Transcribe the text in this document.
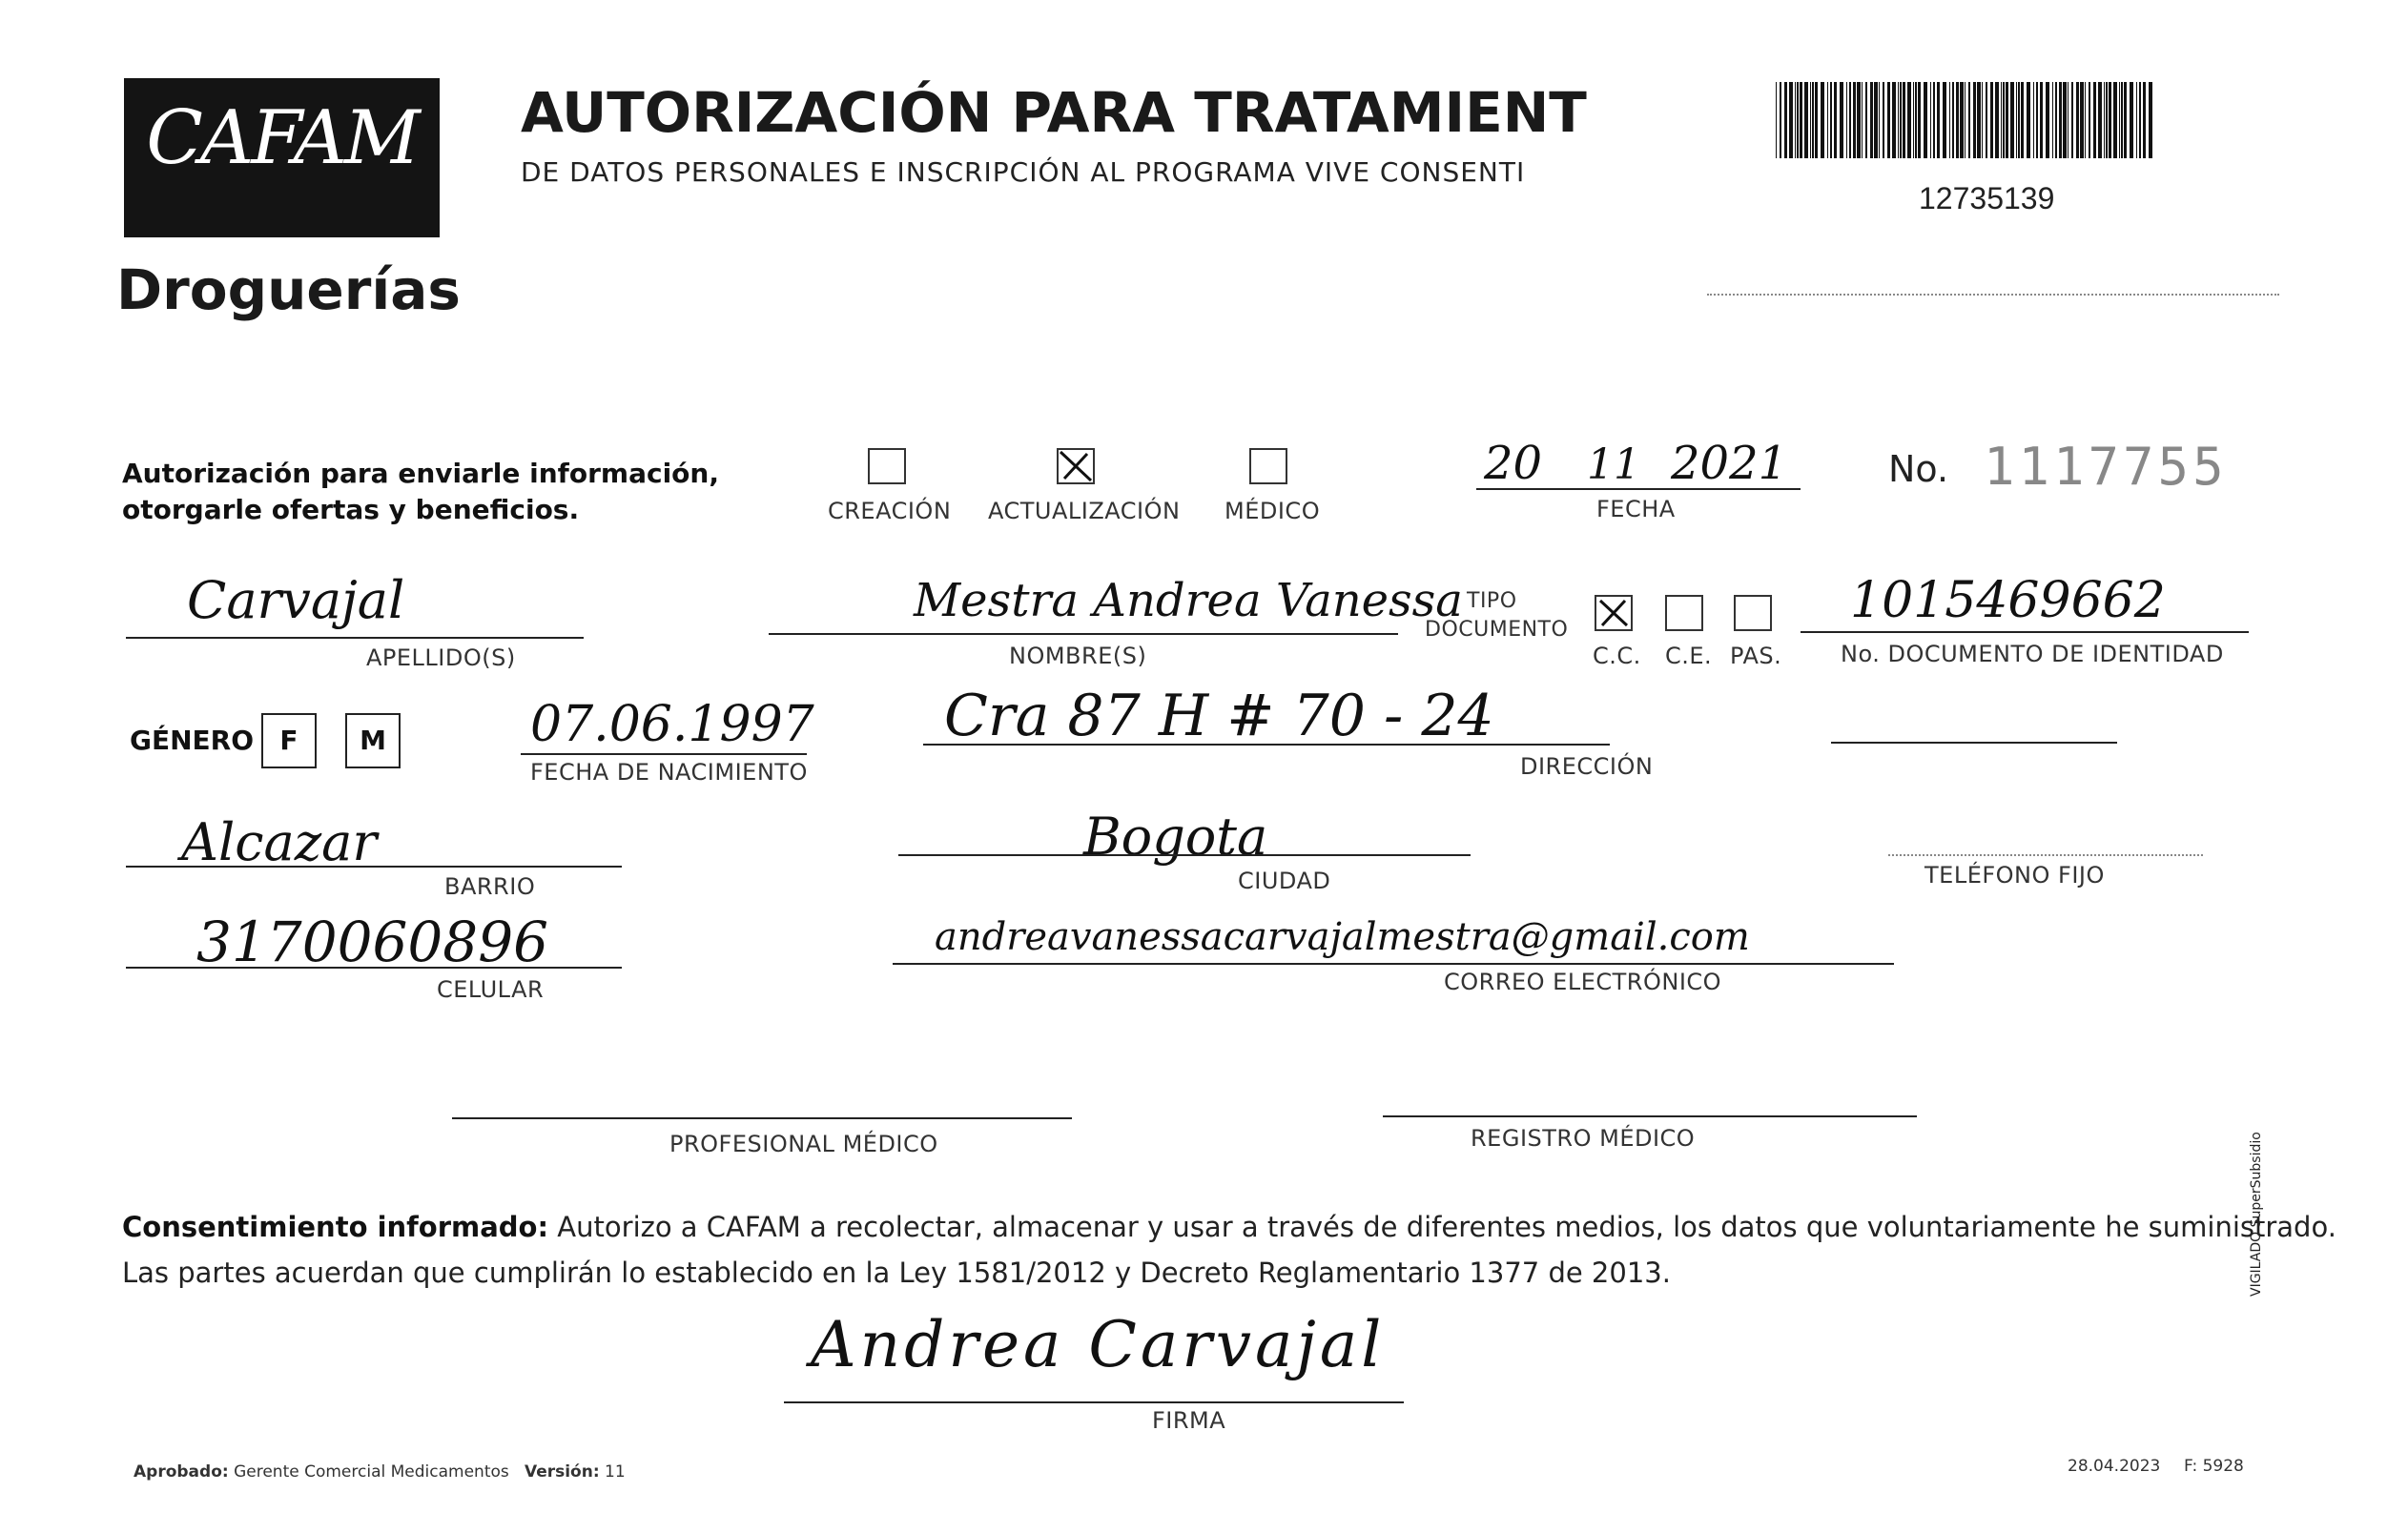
CAFAM
Droguerías
AUTORIZACIÓN PARA TRATAMIENT
DE DATOS PERSONALES E INSCRIPCIÓN AL PROGRAMA VIVE CONSENTI
12735139
Autorización para enviarle información,
otorgarle ofertas y beneficios.	CREACIÓN ACTUALIZACIÓN MÉDICO
20 11 2021
FECHA
No. 1117755
Carvajal
APELLIDO(S)
Mestra Andrea Vanessa
NOMBRE(S)
TIPO
DOCUMENTO
C.C. C.E. PAS.
1015469662
No. DOCUMENTO DE IDENTIDAD
GÉNERO F	M	07.06.1997
FECHA DE NACIMIENTO
Cra 87 H # 70 - 24
DIRECCIÓN
Alcazar
BARRIO
Bogota
CIUDAD	TELÉFONO FIJO
3170060896
CELULAR
andreavanessacarvajalmestra@gmail.com
CORREO ELECTRÓNICO
PROFESIONAL MÉDICO	REGISTRO MÉDICO
Consentimiento informado: Autorizo a CAFAM a recolectar, almacenar y usar a través de diferentes medios, los datos que voluntariamente he suministrado.
Las partes acuerdan que cumplirán lo establecido en la Ley 1581/2012 y Decreto Reglamentario 1377 de 2013.
Andrea Carvajal
FIRMA
VIGILADO SuperSubsidio
Aprobado: Gerente Comercial Medicamentos Versión: 11	28.04.2023 F: 5928
